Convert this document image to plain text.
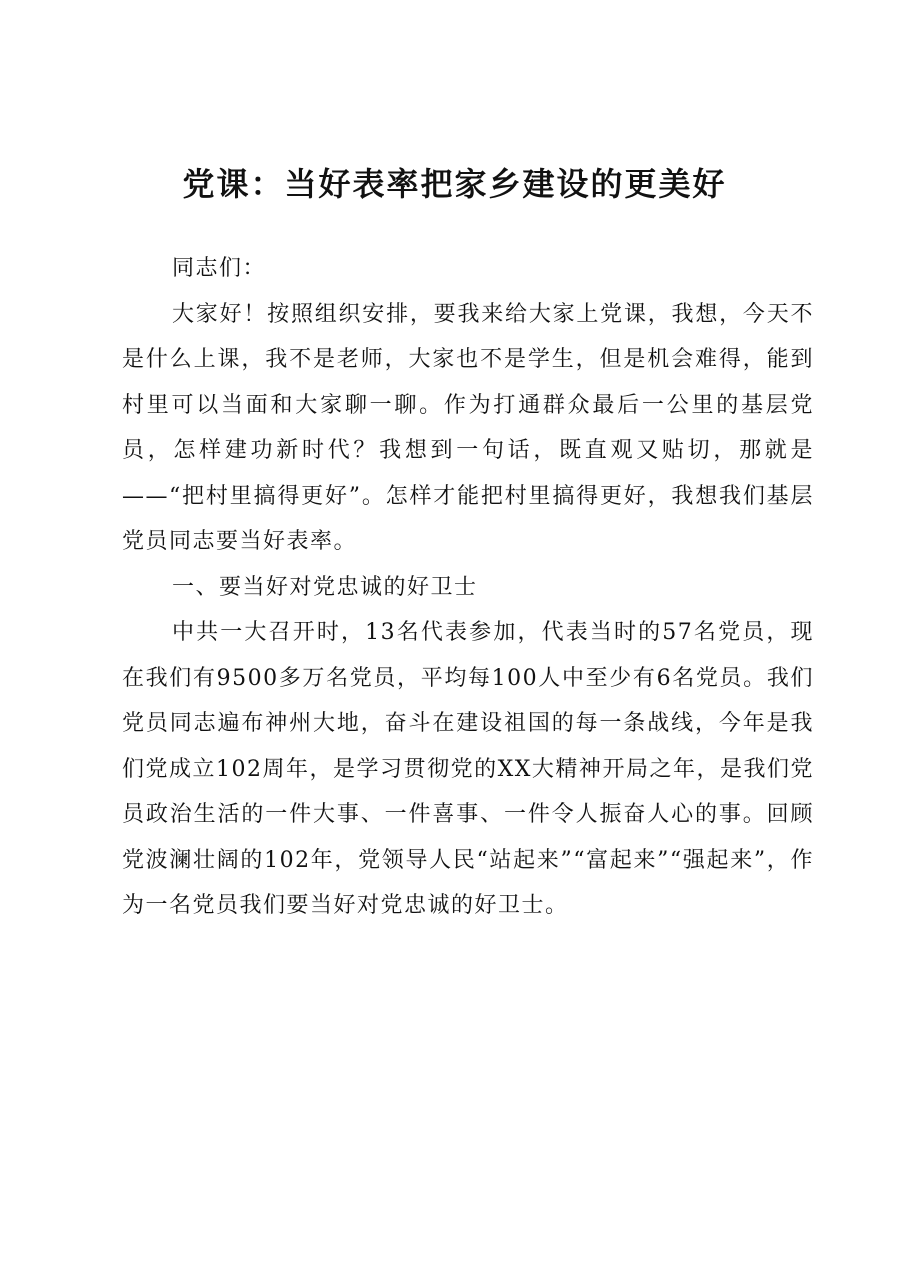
党课：当好表率把家乡建设的更美好

同志们：

大家好！按照组织安排，要我来给大家上党课，我想，今天不是什么上课，我不是老师，大家也不是学生，但是机会难得，能到村里可以当面和大家聊一聊。作为打通群众最后一公里的基层党员，怎样建功新时代？我想到一句话，既直观又贴切，那就是——“把村里搞得更好”。怎样才能把村里搞得更好，我想我们基层党员同志要当好表率。

一、要当好对党忠诚的好卫士

中共一大召开时，13名代表参加，代表当时的57名党员，现在我们有9500多万名党员，平均每100人中至少有6名党员。我们党员同志遍布神州大地，奋斗在建设祖国的每一条战线，今年是我们党成立102周年，是学习贯彻党的XX大精神开局之年，是我们党员政治生活的一件大事、一件喜事、一件令人振奋人心的事。回顾党波澜壮阔的102年，党领导人民“站起来”“富起来”“强起来”，作为一名党员我们要当好对党忠诚的好卫士。
